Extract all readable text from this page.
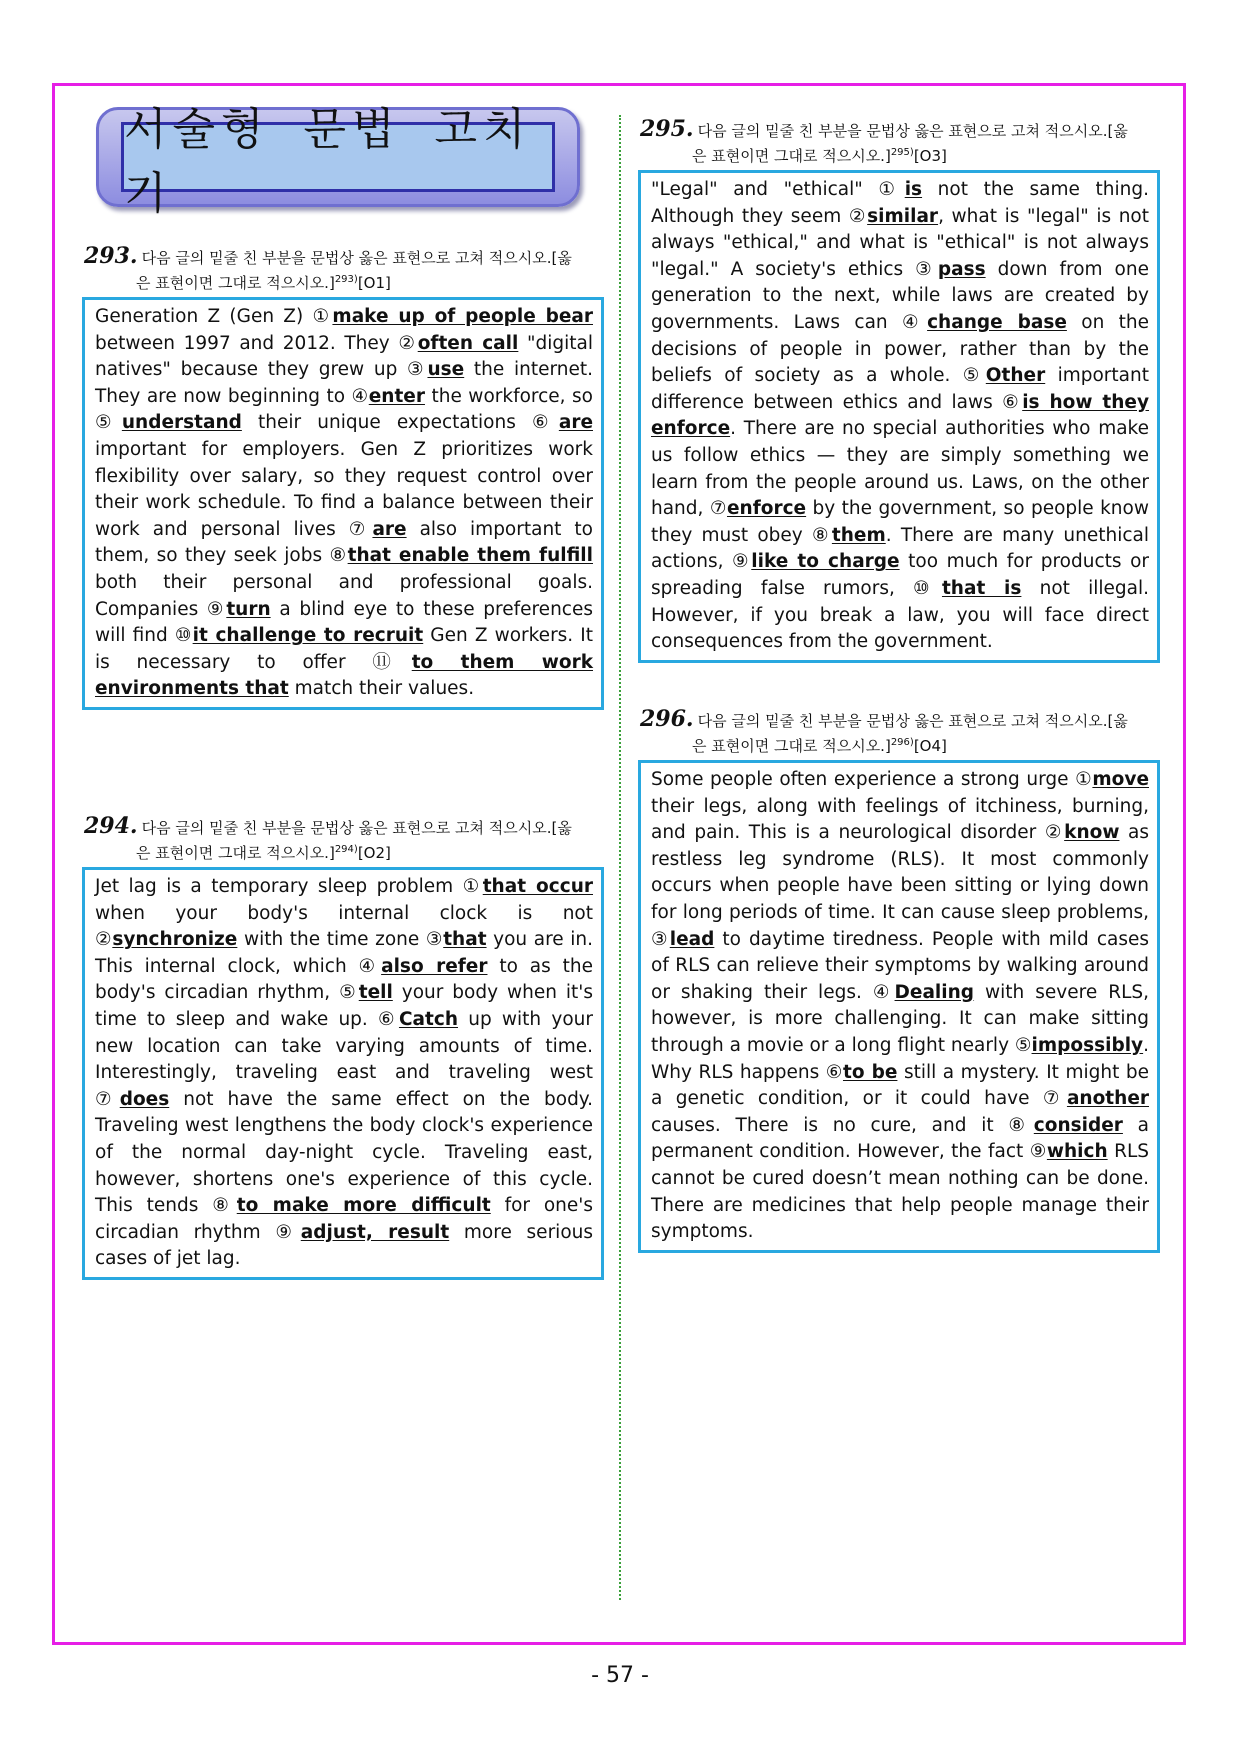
서술형 문법 고치기
293. 다음 글의 밑줄 친 부분을 문법상 옳은 표현으로 고쳐 적으시오.[옳
은 표현이면 그대로 적으시오.]$^{293)}$[O1]
Generation Z (Gen Z) ①make up of people bear between 1997 and 2012. They ②often call "digital natives" because they grew up ③use the internet. They are now beginning to ④enter the workforce, so ⑤understand their unique expectations ⑥are important for employers. Gen Z prioritizes work flexibility over salary, so they request control over their work schedule. To find a balance between their work and personal lives ⑦are also important to them, so they seek jobs ⑧that enable them fulfill both their personal and professional goals. Companies ⑨turn a blind eye to these preferences will find ⑩it challenge to recruit Gen Z workers. It is necessary to offer ⑪to them work environments that match their values.
294. 다음 글의 밑줄 친 부분을 문법상 옳은 표현으로 고쳐 적으시오.[옳
은 표현이면 그대로 적으시오.]$^{294)}$[O2]
Jet lag is a temporary sleep problem ①that occur when your body's internal clock is not ②synchronize with the time zone ③that you are in. This internal clock, which ④also refer to as the body's circadian rhythm, ⑤tell your body when it's time to sleep and wake up. ⑥Catch up with your new location can take varying amounts of time. Interestingly, traveling east and traveling west ⑦does not have the same effect on the body. Traveling west lengthens the body clock's experience of the normal day-night cycle. Traveling east, however, shortens one's experience of this cycle. This tends ⑧to make more difficult for one's circadian rhythm ⑨adjust, result more serious cases of jet lag.
295. 다음 글의 밑줄 친 부분을 문법상 옳은 표현으로 고쳐 적으시오.[옳
은 표현이면 그대로 적으시오.]$^{295)}$[O3]
"Legal" and "ethical" ①is not the same thing. Although they seem ②similar, what is "legal" is not always "ethical," and what is "ethical" is not always "legal." A society's ethics ③pass down from one generation to the next, while laws are created by governments. Laws can ④change base on the decisions of people in power, rather than by the beliefs of society as a whole. ⑤Other important difference between ethics and laws ⑥is how they enforce. There are no special authorities who make us follow ethics — they are simply something we learn from the people around us. Laws, on the other hand, ⑦enforce by the government, so people know they must obey ⑧them. There are many unethical actions, ⑨like to charge too much for products or spreading false rumors, ⑩that is not illegal. However, if you break a law, you will face direct consequences from the government.
296. 다음 글의 밑줄 친 부분을 문법상 옳은 표현으로 고쳐 적으시오.[옳
은 표현이면 그대로 적으시오.]$^{296)}$[O4]
Some people often experience a strong urge ①move their legs, along with feelings of itchiness, burning, and pain. This is a neurological disorder ②know as restless leg syndrome (RLS). It most commonly occurs when people have been sitting or lying down for long periods of time. It can cause sleep problems, ③lead to daytime tiredness. People with mild cases of RLS can relieve their symptoms by walking around or shaking their legs. ④Dealing with severe RLS, however, is more challenging. It can make sitting through a movie or a long flight nearly ⑤impossibly. Why RLS happens ⑥to be still a mystery. It might be a genetic condition, or it could have ⑦another causes. There is no cure, and it ⑧consider a permanent condition. However, the fact ⑨which RLS cannot be cured doesn’t mean nothing can be done. There are medicines that help people manage their symptoms.
- 57 -
